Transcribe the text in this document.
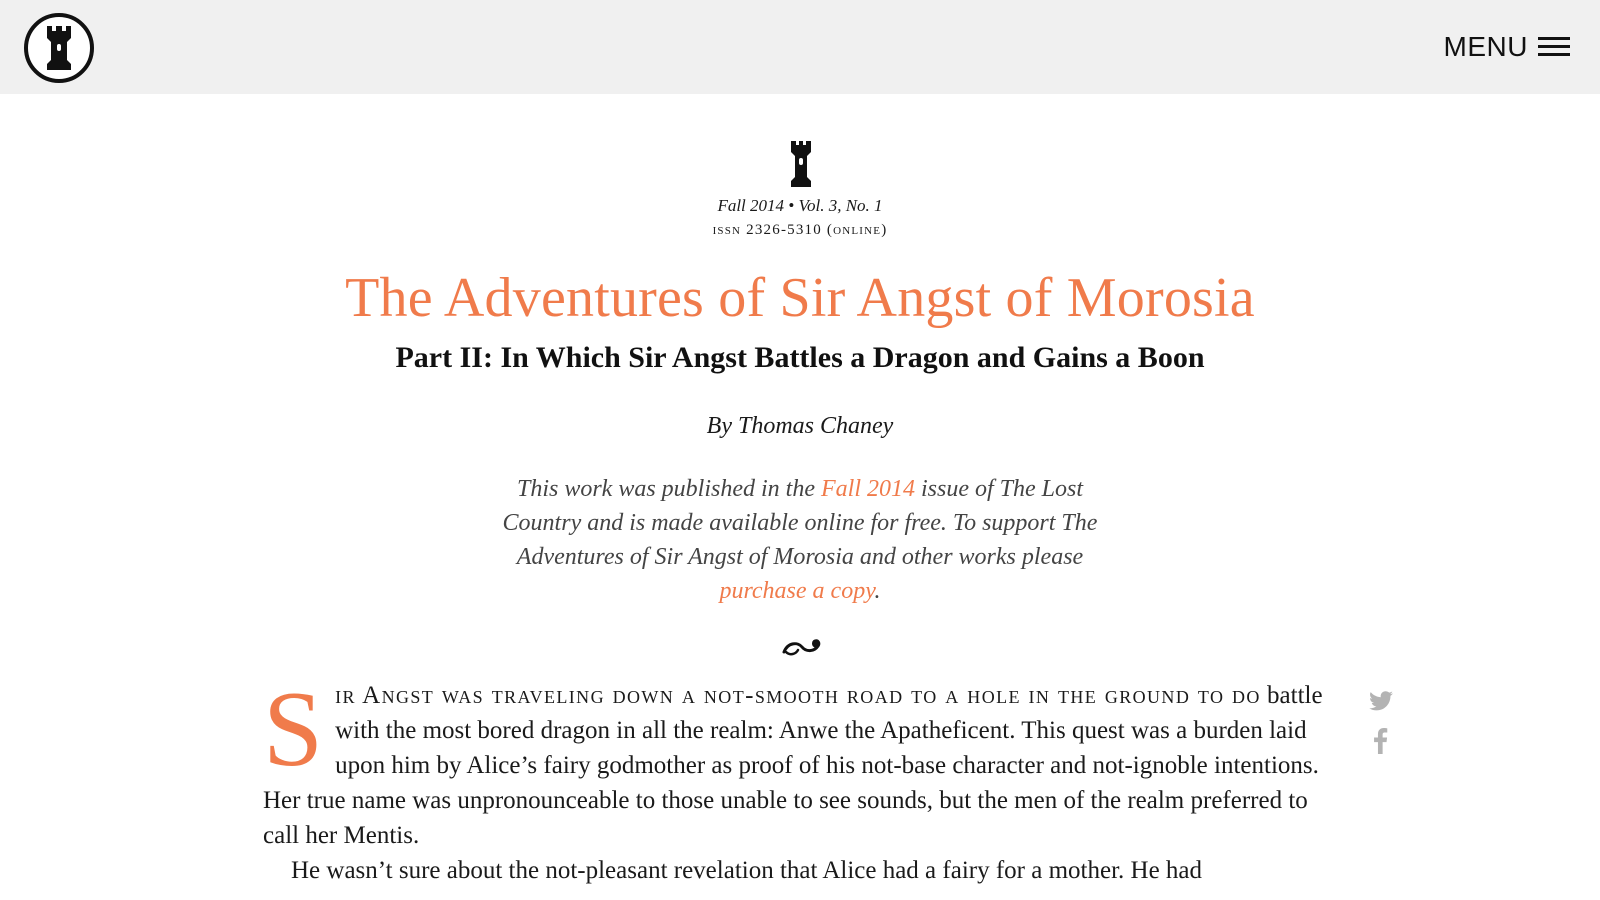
MENU
Fall 2014 • Vol. 3, No. 1
issn 2326-5310 (online)
The Adventures of Sir Angst of Morosia
Part II: In Which Sir Angst Battles a Dragon and Gains a Boon
By Thomas Chaney

This work was published in the Fall 2014 issue of The Lost Country and is made available online for free. To support The Adventures of Sir Angst of Morosia and other works please purchase a copy.

Sir Angst was traveling down a not-smooth road to a hole in the ground to do battle with the most bored dragon in all the realm: Anwe the Apatheficent. This quest was a burden laid upon him by Alice’s fairy godmother as proof of his not-base character and not-ignoble intentions. Her true name was unpronounceable to those unable to see sounds, but the men of the realm preferred to call her Mentis.

He wasn’t sure about the not-pleasant revelation that Alice had a fairy for a mother. He had
